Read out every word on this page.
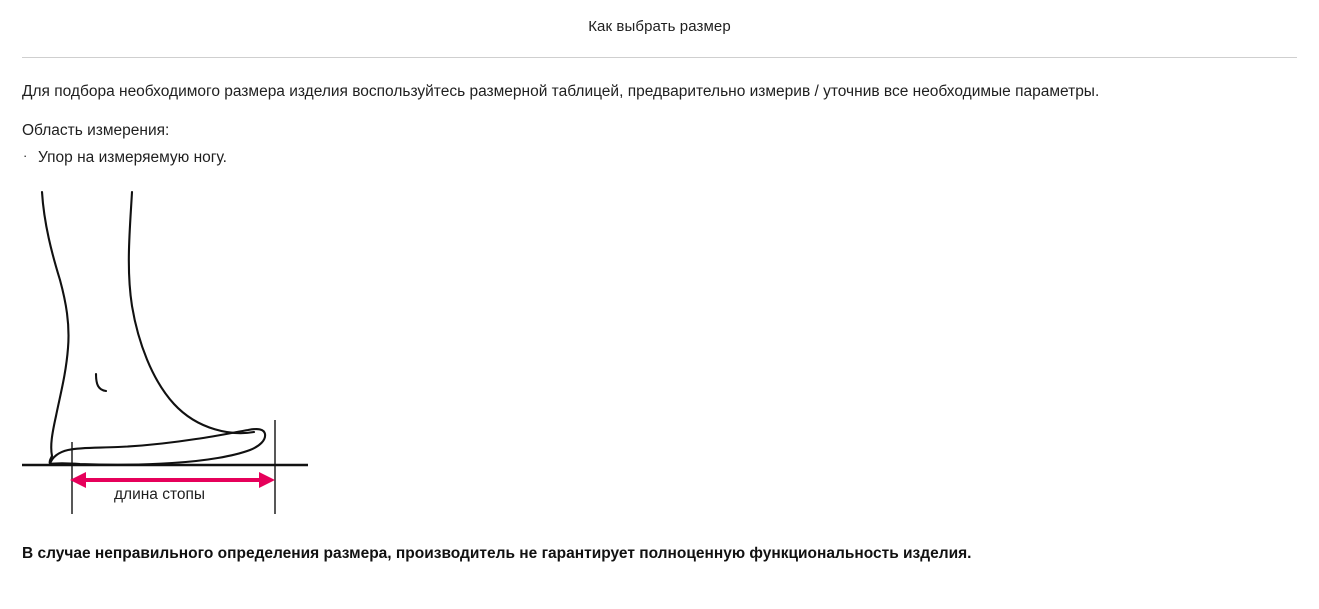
Как выбрать размер
Для подбора необходимого размера изделия воспользуйтесь размерной таблицей, предварительно измерив / уточнив все необходимые параметры.
Область измерения:
· Упор на измеряемую ногу.
длина стопы
В случае неправильного определения размера, производитель не гарантирует полноценную функциональность изделия.
